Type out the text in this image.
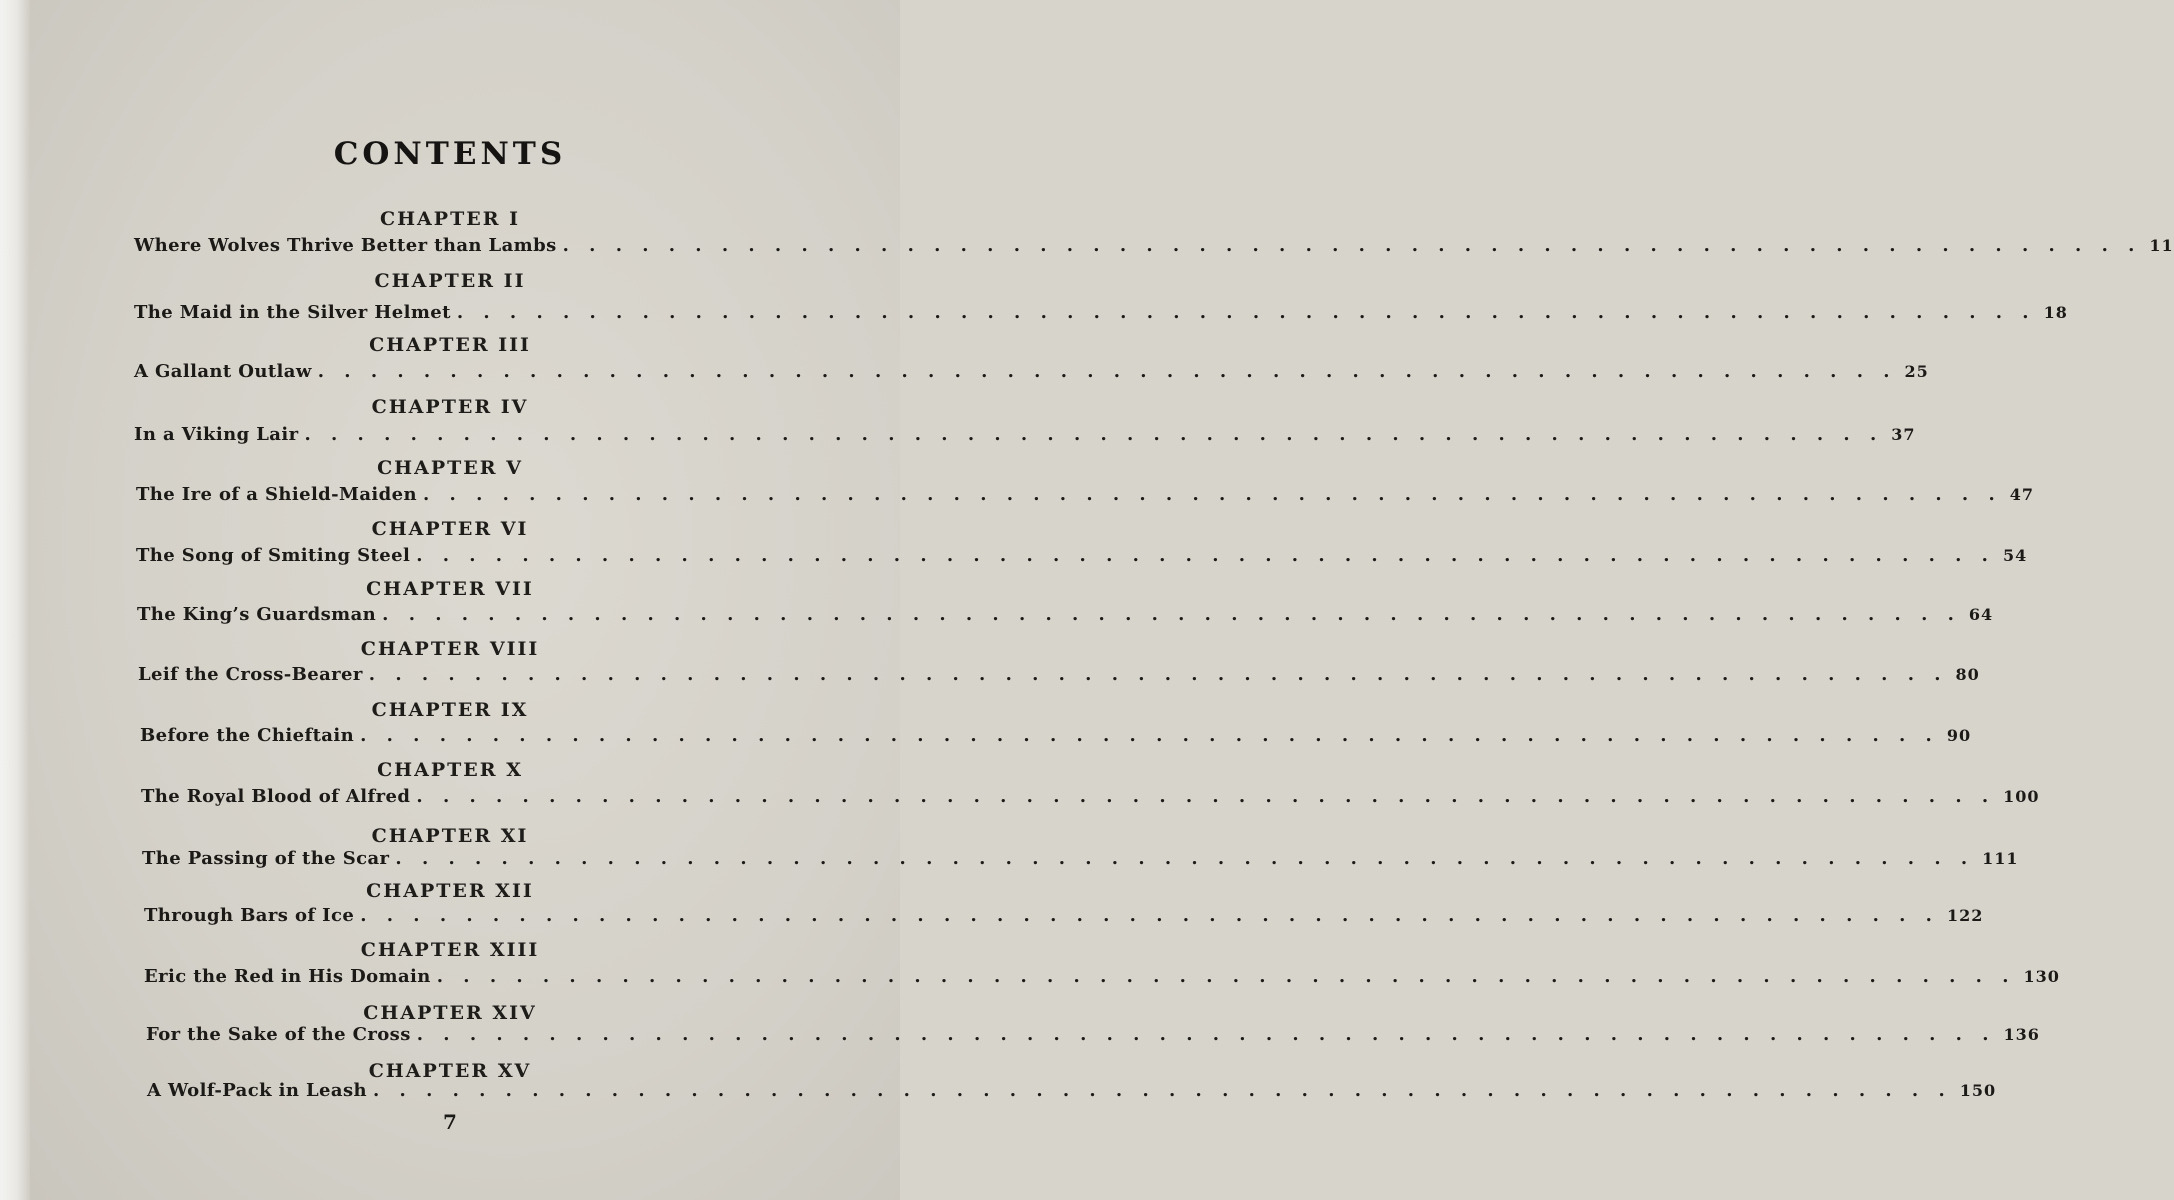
CONTENTS
CHAPTER I
Where Wolves Thrive Better than Lambs . . . . . . . . . . . . . . . . . . . . . . . . . . . . . . . . . . . . . . . . . . . . . . . . . . . . . . . . . . . . 11
CHAPTER II
The Maid in the Silver Helmet . . . . . . . . . . . . . . . . . . . . . . . . . . . . . . . . . . . . . . . . . . . . . . . . . . . . . . . . . . . . 18
CHAPTER III
A Gallant Outlaw . . . . . . . . . . . . . . . . . . . . . . . . . . . . . . . . . . . . . . . . . . . . . . . . . . . . . . . . . . . . 25
CHAPTER IV
In a Viking Lair . . . . . . . . . . . . . . . . . . . . . . . . . . . . . . . . . . . . . . . . . . . . . . . . . . . . . . . . . . . . 37
CHAPTER V
The Ire of a Shield-Maiden . . . . . . . . . . . . . . . . . . . . . . . . . . . . . . . . . . . . . . . . . . . . . . . . . . . . . . . . . . . . 47
CHAPTER VI
The Song of Smiting Steel . . . . . . . . . . . . . . . . . . . . . . . . . . . . . . . . . . . . . . . . . . . . . . . . . . . . . . . . . . . . 54
CHAPTER VII
The King’s Guardsman . . . . . . . . . . . . . . . . . . . . . . . . . . . . . . . . . . . . . . . . . . . . . . . . . . . . . . . . . . . . 64
CHAPTER VIII
Leif the Cross-Bearer . . . . . . . . . . . . . . . . . . . . . . . . . . . . . . . . . . . . . . . . . . . . . . . . . . . . . . . . . . . . 80
CHAPTER IX
Before the Chieftain . . . . . . . . . . . . . . . . . . . . . . . . . . . . . . . . . . . . . . . . . . . . . . . . . . . . . . . . . . . . 90
CHAPTER X
The Royal Blood of Alfred . . . . . . . . . . . . . . . . . . . . . . . . . . . . . . . . . . . . . . . . . . . . . . . . . . . . . . . . . . . . 100
CHAPTER XI
The Passing of the Scar . . . . . . . . . . . . . . . . . . . . . . . . . . . . . . . . . . . . . . . . . . . . . . . . . . . . . . . . . . . . 111
CHAPTER XII
Through Bars of Ice . . . . . . . . . . . . . . . . . . . . . . . . . . . . . . . . . . . . . . . . . . . . . . . . . . . . . . . . . . . . 122
CHAPTER XIII
Eric the Red in His Domain . . . . . . . . . . . . . . . . . . . . . . . . . . . . . . . . . . . . . . . . . . . . . . . . . . . . . . . . . . . . 130
CHAPTER XIV
For the Sake of the Cross . . . . . . . . . . . . . . . . . . . . . . . . . . . . . . . . . . . . . . . . . . . . . . . . . . . . . . . . . . . . 136
CHAPTER XV
A Wolf-Pack in Leash . . . . . . . . . . . . . . . . . . . . . . . . . . . . . . . . . . . . . . . . . . . . . . . . . . . . . . . . . . . . 150
7
